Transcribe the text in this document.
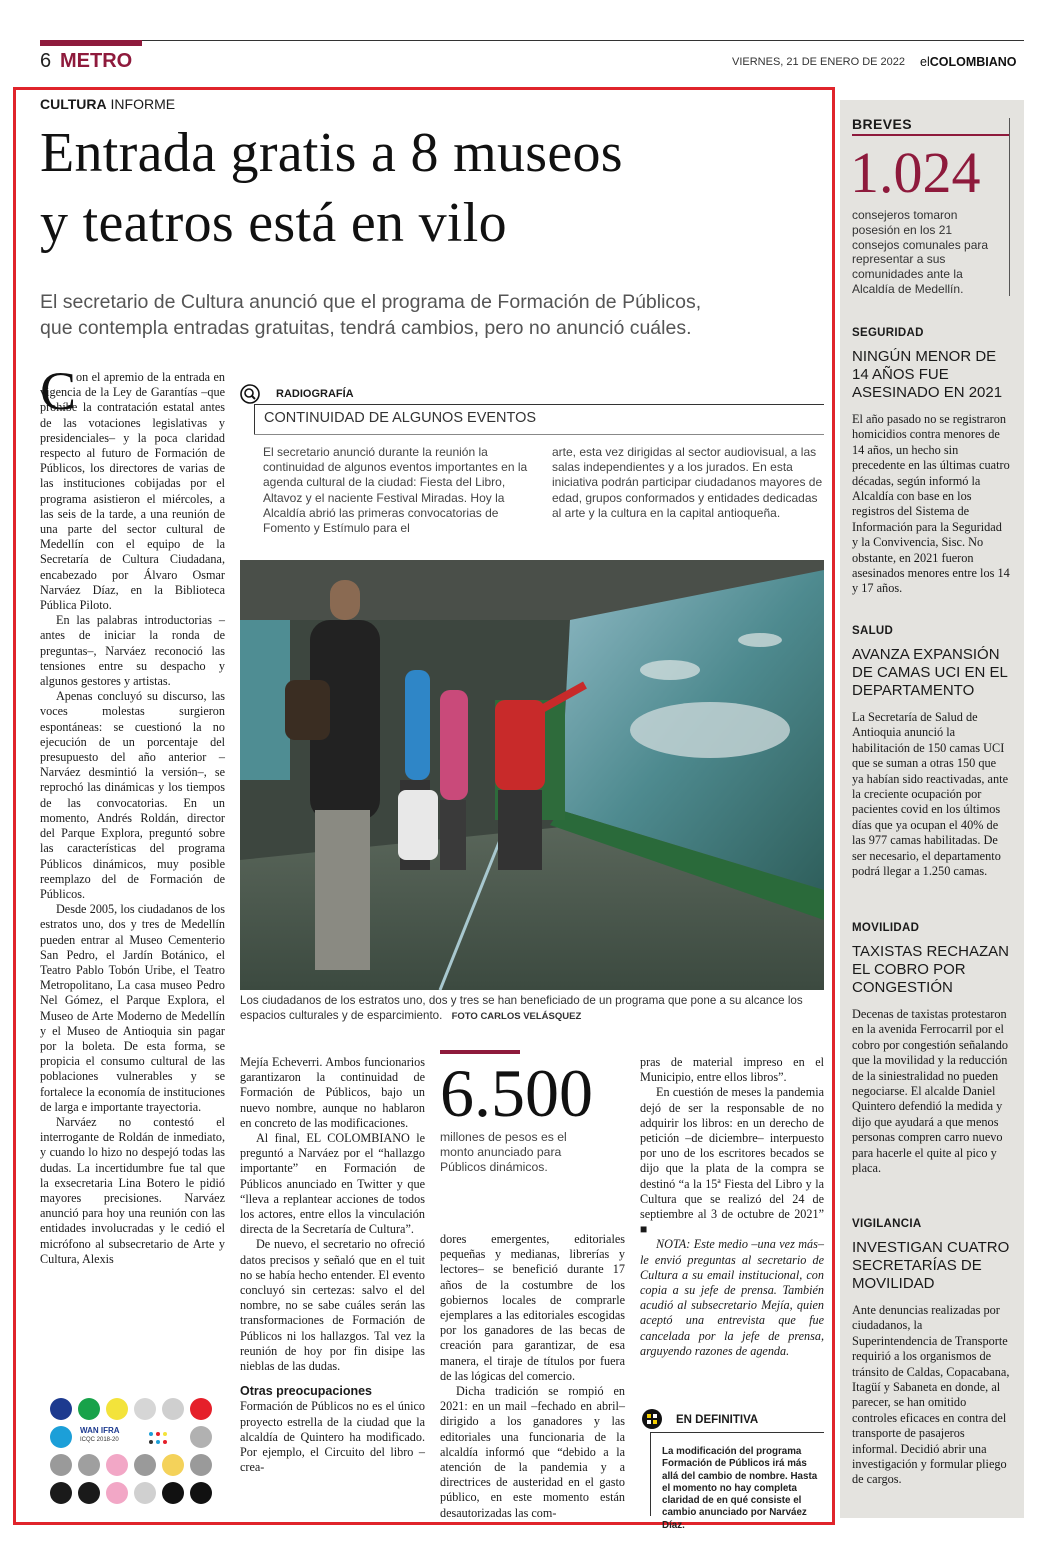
6 METRO	VIERNES, 21 DE ENERO DE 2022 elCOLOMBIANO
CULTURA INFORME
Entrada gratis a 8 museos
y teatros está en vilo
El secretario de Cultura anunció que el programa de Formación de Públicos,
que contempla entradas gratuitas, tendrá cambios, pero no anunció cuáles.
C on el apremio de la entrada en vigencia de la Ley de Garantías –que prohíbe la contratación estatal antes de las votaciones legislativas y presidenciales– y la poca claridad respecto al futuro de Formación de Públicos, los directores de varias de las instituciones cobijadas por el programa asistieron el miércoles, a las seis de la tarde, a una reunión de una parte del sector cultural de Medellín con el equipo de la Secretaría de Cultura Ciudadana, encabezado por Álvaro Osmar Narváez Díaz, en la Biblioteca Pública Piloto.

En las palabras introductorias –antes de iniciar la ronda de preguntas–, Narváez reconoció las tensiones entre su despacho y algunos gestores y artistas.

Apenas concluyó su discurso, las voces molestas surgieron espontáneas: se cuestionó la no ejecución de un porcentaje del presupuesto del año anterior –Narváez desmintió la versión–, se reprochó las dinámicas y los tiempos de las convocatorias. En un momento, Andrés Roldán, director del Parque Explora, preguntó sobre las características del programa Públicos dinámicos, muy posible reemplazo del de Formación de Públicos.

Desde 2005, los ciudadanos de los estratos uno, dos y tres de Medellín pueden entrar al Museo Cementerio San Pedro, el Jardín Botánico, el Teatro Pablo Tobón Uribe, el Teatro Metropolitano, La casa museo Pedro Nel Gómez, el Parque Explora, el Museo de Arte Moderno de Medellín y el Museo de Antioquia sin pagar por la boleta. De esta forma, se propicia el consumo cultural de las poblaciones vulnerables y se fortalece la economía de instituciones de larga e importante trayectoria.

Narváez no contestó el interrogante de Roldán de inmediato, y cuando lo hizo no despejó todas las dudas. La incertidumbre fue tal que la exsecretaria Lina Botero le pidió mayores precisiones. Narváez anunció para hoy una reunión con las entidades involucradas y le cedió el micrófono al subsecretario de Arte y Cultura, Alexis

RADIOGRAFÍA
CONTINUIDAD DE ALGUNOS EVENTOS
El secretario anunció durante la reunión la continuidad de algunos eventos importantes en la agenda cultural de la ciudad: Fiesta del Libro, Altavoz y el naciente Festival Miradas. Hoy la Alcaldía abrió las primeras convocatorias de Fomento y Estímulo para el
arte, esta vez dirigidas al sector audiovisual, a las salas independientes y a los jurados. En esta iniciativa podrán participar ciudadanos mayores de edad, grupos conformados y entidades dedicadas al arte y la cultura en la capital antioqueña.
Los ciudadanos de los estratos uno, dos y tres se han beneficiado de un programa que pone a su alcance los espacios culturales y de esparcimiento. FOTO CARLOS VELÁSQUEZ

Mejía Echeverri. Ambos funcionarios garantizaron la continuidad de Formación de Públicos, bajo un nuevo nombre, aunque no hablaron en concreto de las modificaciones.

Al final, EL COLOMBIANO le preguntó a Narváez por el “hallazgo importante” en Formación de Públicos anunciado en Twitter y que “lleva a replantear acciones de todos los actores, entre ellos la vinculación directa de la Secretaría de Cultura”.

De nuevo, el secretario no ofreció datos precisos y señaló que en el tuit no se había hecho entender. El evento concluyó sin certezas: salvo el del nombre, no se sabe cuáles serán las transformaciones de Formación de Públicos ni los hallazgos. Tal vez la reunión de hoy por fin disipe las nieblas de las dudas.

Otras preocupaciones

Formación de Públicos no es el único proyecto estrella de la ciudad que la alcaldía de Quintero ha modificado. Por ejemplo, el Circuito del libro –crea-

6.500
millones de pesos es el monto anunciado para Públicos dinámicos.

dores emergentes, editoriales pequeñas y medianas, librerías y lectores– se benefició durante 17 años de la costumbre de los gobiernos locales de comprarle ejemplares a las editoriales escogidas por los ganadores de las becas de creación para garantizar, de esa manera, el tiraje de títulos por fuera de las lógicas del comercio.

Dicha tradición se rompió en 2021: en un mail –fechado en abril– dirigido a los ganadores y las editoriales una funcionaria de la alcaldía informó que “debido a la atención de la pandemia y a directrices de austeridad en el gasto público, en este momento están desautorizadas las com-

pras de material impreso en el Municipio, entre ellos libros”.

En cuestión de meses la pandemia dejó de ser la responsable de no adquirir los libros: en un derecho de petición –de diciembre– interpuesto por uno de los escritores becados se dijo que la plata de la compra se destinó “a la 15ª Fiesta del Libro y la Cultura que se realizó del 24 de septiembre al 3 de octubre de 2021” ■

NOTA: Este medio –una vez más– le envió preguntas al secretario de Cultura a su email institucional, con copia a su jefe de prensa. También acudió al subsecretario Mejía, quien aceptó una entrevista que fue cancelada por la jefe de prensa, arguyendo razones de agenda.

EN DEFINITIVA
La modificación del programa Formación de Públicos irá más allá del cambio de nombre. Hasta el momento no hay completa claridad de en qué consiste el cambio anunciado por Narváez Díaz.
WAN IFRA
ICQC 2018-20
BREVES
1.024
consejeros tomaron posesión en los 21 consejos comunales para representar a sus comunidades ante la Alcaldía de Medellín.
SEGURIDAD
NINGÚN MENOR DE 14 AÑOS FUE ASESINADO EN 2021
El año pasado no se registraron homicidios contra menores de 14 años, un hecho sin precedente en las últimas cuatro décadas, según informó la Alcaldía con base en los registros del Sistema de Información para la Seguridad y la Convivencia, Sisc. No obstante, en 2021 fueron asesinados menores entre los 14 y 17 años.
SALUD
AVANZA EXPANSIÓN DE CAMAS UCI EN EL DEPARTAMENTO
La Secretaría de Salud de Antioquia anunció la habilitación de 150 camas UCI que se suman a otras 150 que ya habían sido reactivadas, ante la creciente ocupación por pacientes covid en los últimos días que ya ocupan el 40% de las 977 camas habilitadas. De ser necesario, el departamento podrá llegar a 1.250 camas.
MOVILIDAD
TAXISTAS RECHAZAN EL COBRO POR CONGESTIÓN
Decenas de taxistas protestaron en la avenida Ferrocarril por el cobro por congestión señalando que la movilidad y la reducción de la siniestralidad no pueden negociarse. El alcalde Daniel Quintero defendió la medida y dijo que ayudará a que menos personas compren carro nuevo para hacerle el quite al pico y placa.
VIGILANCIA
INVESTIGAN CUATRO SECRETARÍAS DE MOVILIDAD
Ante denuncias realizadas por ciudadanos, la Superintendencia de Transporte requirió a los organismos de tránsito de Caldas, Copacabana, Itagüí y Sabaneta en donde, al parecer, se han omitido controles eficaces en contra del transporte de pasajeros informal. Decidió abrir una investigación y formular pliego de cargos.
